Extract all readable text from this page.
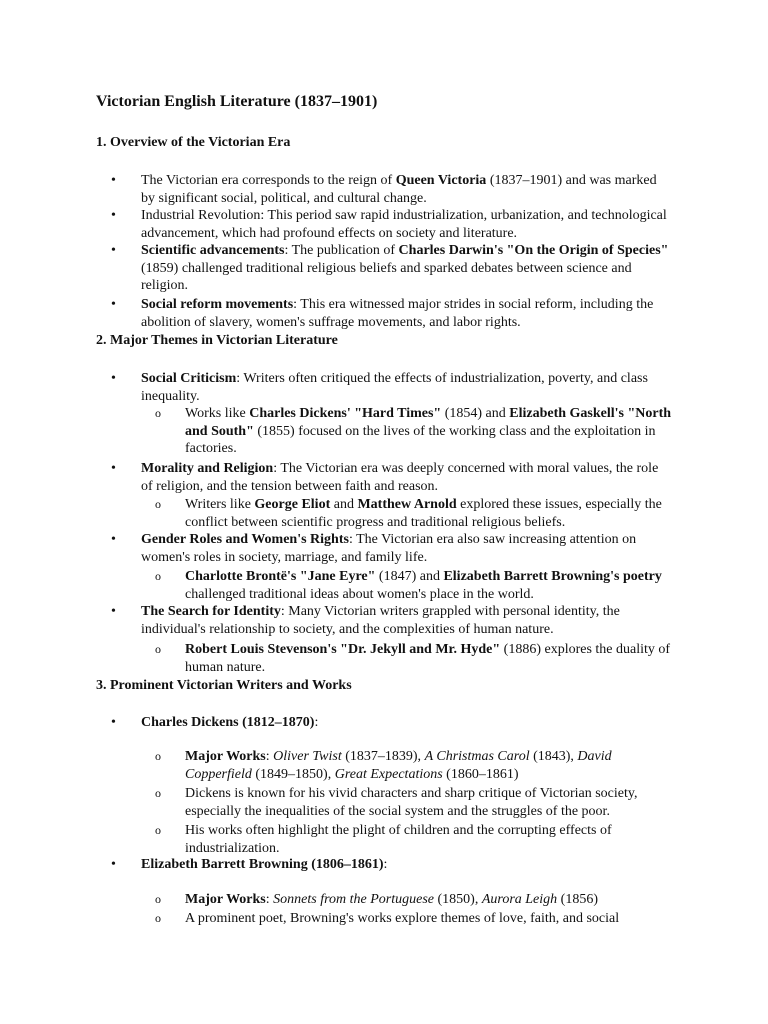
Victorian English Literature (1837–1901)
1. Overview of the Victorian Era
• The Victorian era corresponds to the reign of Queen Victoria (1837–1901) and was marked by significant social, political, and cultural change.
• Industrial Revolution: This period saw rapid industrialization, urbanization, and technological advancement, which had profound effects on society and literature.
• Scientific advancements: The publication of Charles Darwin's "On the Origin of Species" (1859) challenged traditional religious beliefs and sparked debates between science and religion.
• Social reform movements: This era witnessed major strides in social reform, including the abolition of slavery, women's suffrage movements, and labor rights.
2. Major Themes in Victorian Literature
• Social Criticism: Writers often critiqued the effects of industrialization, poverty, and class inequality.
o Works like Charles Dickens' "Hard Times" (1854) and Elizabeth Gaskell's "North and South" (1855) focused on the lives of the working class and the exploitation in factories.
• Morality and Religion: The Victorian era was deeply concerned with moral values, the role of religion, and the tension between faith and reason.
o Writers like George Eliot and Matthew Arnold explored these issues, especially the conflict between scientific progress and traditional religious beliefs.
• Gender Roles and Women's Rights: The Victorian era also saw increasing attention on women's roles in society, marriage, and family life.
o Charlotte Brontë's "Jane Eyre" (1847) and Elizabeth Barrett Browning's poetry challenged traditional ideas about women's place in the world.
• The Search for Identity: Many Victorian writers grappled with personal identity, the individual's relationship to society, and the complexities of human nature.
o Robert Louis Stevenson's "Dr. Jekyll and Mr. Hyde" (1886) explores the duality of human nature.
3. Prominent Victorian Writers and Works
• Charles Dickens (1812–1870):
o Major Works: Oliver Twist (1837–1839), A Christmas Carol (1843), David Copperfield (1849–1850), Great Expectations (1860–1861)
o Dickens is known for his vivid characters and sharp critique of Victorian society, especially the inequalities of the social system and the struggles of the poor.
o His works often highlight the plight of children and the corrupting effects of industrialization.
• Elizabeth Barrett Browning (1806–1861):
o Major Works: Sonnets from the Portuguese (1850), Aurora Leigh (1856)
o A prominent poet, Browning's works explore themes of love, faith, and social
